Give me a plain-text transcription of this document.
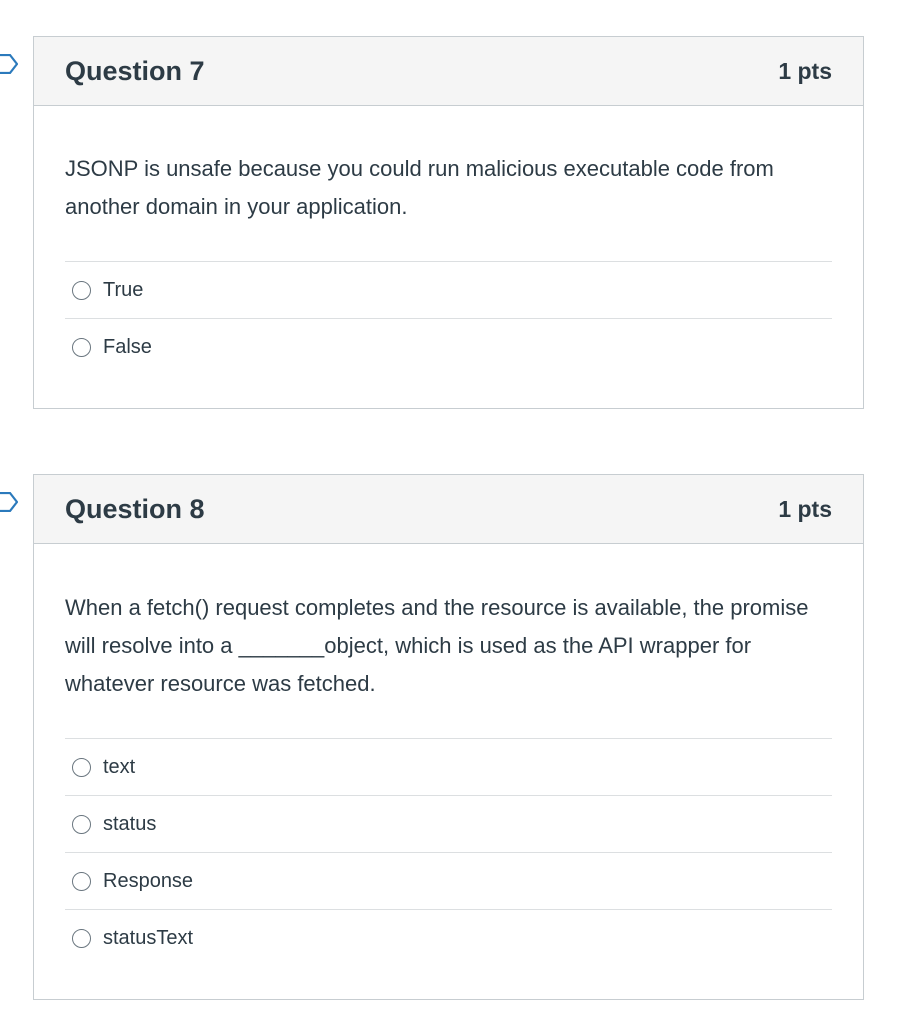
Question 7	1 pts

JSONP is unsafe because you could run malicious executable code from another domain in your application.

True
False
Question 8	1 pts

When a fetch() request completes and the resource is available, the promise will resolve into a _______object, which is used as the API wrapper for whatever resource was fetched.

text
status
Response
statusText
